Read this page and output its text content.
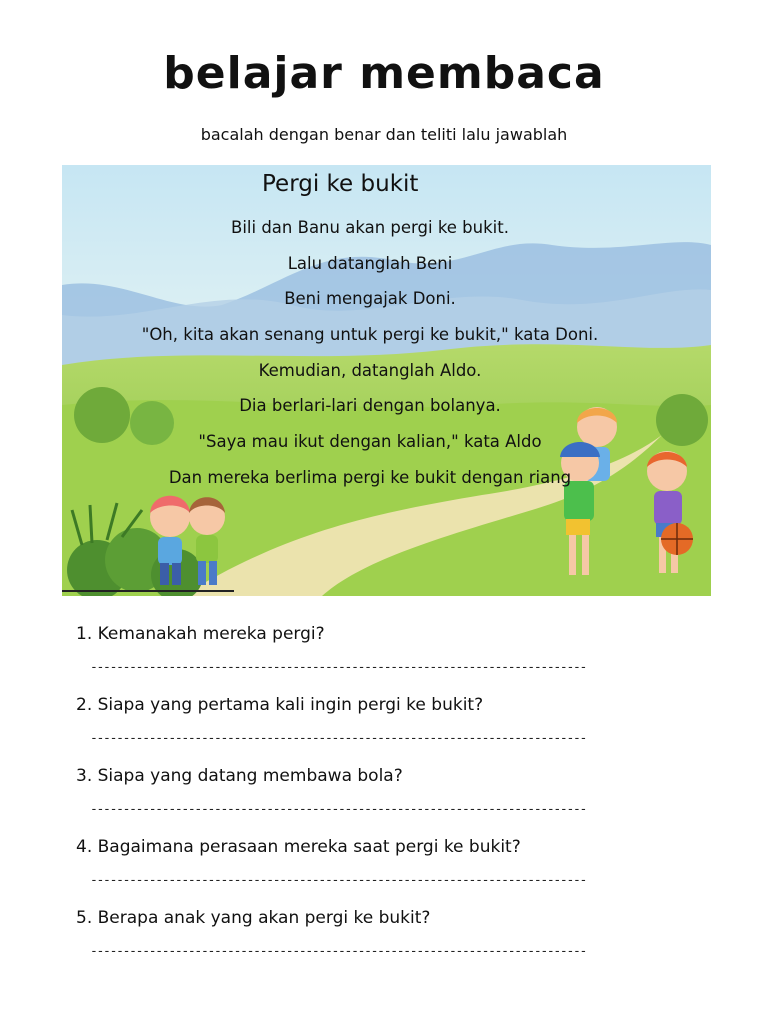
belajar membaca
bacalah dengan benar dan teliti lalu jawablah
Pergi ke bukit
Bili dan Banu akan pergi ke bukit.
Lalu datanglah Beni
Beni mengajak Doni.
"Oh, kita akan senang untuk pergi ke bukit," kata Doni.
Kemudian, datanglah Aldo.
Dia berlari-lari dengan bolanya.
"Saya mau ikut dengan kalian," kata Aldo
Dan mereka berlima pergi ke bukit dengan riang
1. Kemanakah mereka pergi?
----------------------------------------------------------------------------
2. Siapa yang pertama kali ingin pergi ke bukit?
----------------------------------------------------------------------------
3. Siapa yang datang membawa bola?
----------------------------------------------------------------------------
4. Bagaimana perasaan mereka saat pergi ke bukit?
----------------------------------------------------------------------------
5. Berapa anak yang akan pergi ke bukit?
----------------------------------------------------------------------------
